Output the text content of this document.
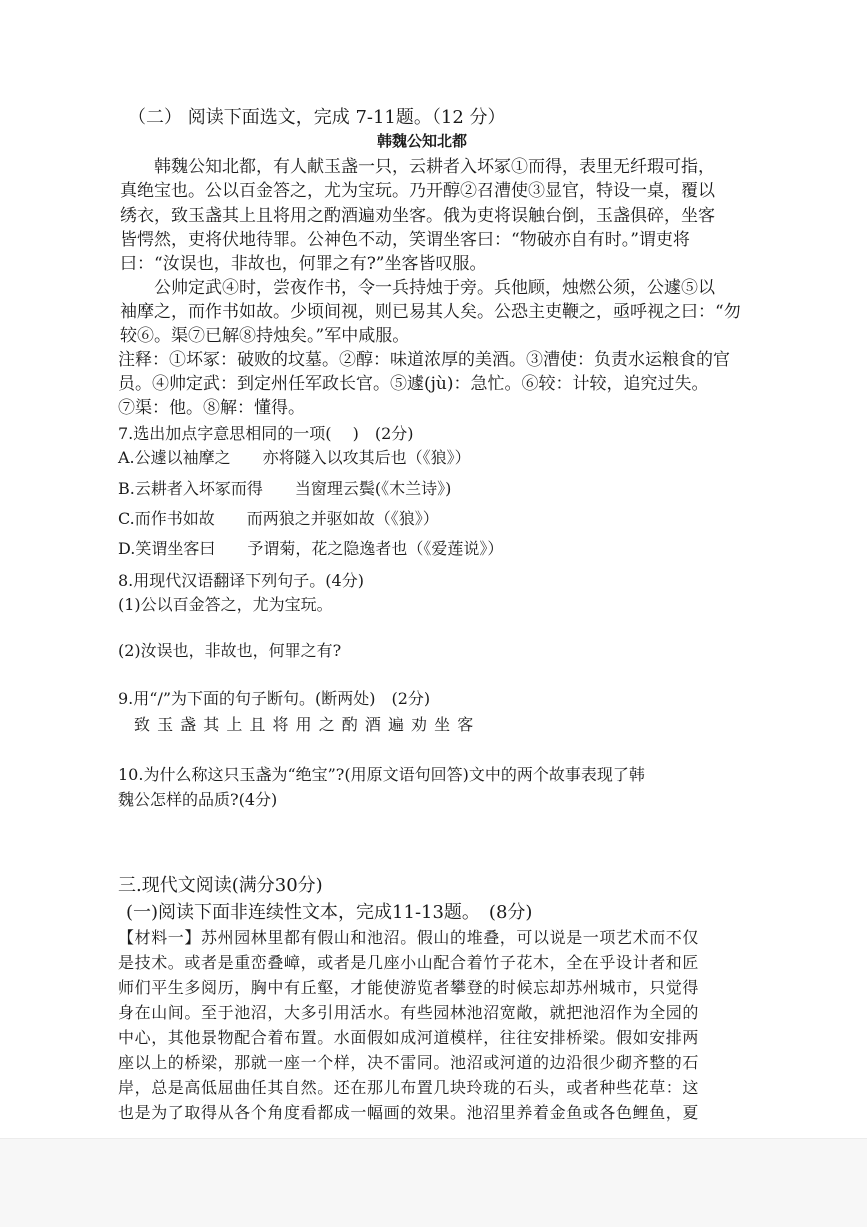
（二） 阅读下面选文，完成 7-11题。（12 分）
韩魏公知北都
　　韩魏公知北都，有人献玉盏一只，云耕者入坏冢①而得，表里无纤瑕可指，
真绝宝也。公以百金答之，尤为宝玩。乃开醇②召漕使③显官，特设一桌，覆以
绣衣，致玉盏其上且将用之酌酒遍劝坐客。俄为吏将误触台倒，玉盏俱碎，坐客
皆愕然，吏将伏地待罪。公神色不动，笑谓坐客曰：“物破亦自有时。”谓吏将
曰：“汝误也，非故也，何罪之有?”坐客皆叹服。
　　公帅定武④时，尝夜作书，令一兵持烛于旁。兵他顾，烛燃公须，公遽⑤以
袖摩之，而作书如故。少顷间视，则已易其人矣。公恐主吏鞭之，亟呼视之曰：“勿
较⑥。渠⑦已解⑧持烛矣。”军中咸服。
注释：①坏冢：破败的坟墓。②醇：味道浓厚的美酒。③漕使：负责水运粮食的官
员。④帅定武：到定州任军政长官。⑤遽(jù)：急忙。⑥较：计较，追究过失。
⑦渠：他。⑧解：懂得。
7.选出加点字意思相同的一项(　 )　(2分)
A.公遽以袖摩之　　亦将隧入以攻其后也（《狼》）
B.云耕者入坏冢而得　　当窗理云鬓(《木兰诗》)
C.而作书如故　　而两狼之并驱如故（《狼》）
D.笑谓坐客曰　　予谓菊，花之隐逸者也（《爱莲说》）
8.用现代汉语翻译下列句子。(4分)
(1)公以百金答之，尤为宝玩。
(2)汝误也，非故也，何罪之有?
9.用“/”为下面的句子断句。(断两处)　(2分)
致 玉 盏 其 上 且 将 用 之 酌 酒 遍 劝 坐 客
10.为什么称这只玉盏为“绝宝”?(用原文语句回答)文中的两个故事表现了韩
魏公怎样的品质?(4分)
三.现代文阅读(满分30分)
(一)阅读下面非连续性文本，完成11-13题。　(8分)
【材料一】苏州园林里都有假山和池沼。假山的堆叠，可以说是一项艺术而不仅
是技术。或者是重峦叠嶂，或者是几座小山配合着竹子花木，全在乎设计者和匠
师们平生多阅历，胸中有丘壑，才能使游览者攀登的时候忘却苏州城市，只觉得
身在山间。至于池沼，大多引用活水。有些园林池沼宽敞，就把池沼作为全园的
中心，其他景物配合着布置。水面假如成河道模样，往往安排桥梁。假如安排两
座以上的桥梁，那就一座一个样，决不雷同。池沼或河道的边沿很少砌齐整的石
岸，总是高低屈曲任其自然。还在那儿布置几块玲珑的石头，或者种些花草：这
也是为了取得从各个角度看都成一幅画的效果。池沼里养着金鱼或各色鲤鱼，夏
